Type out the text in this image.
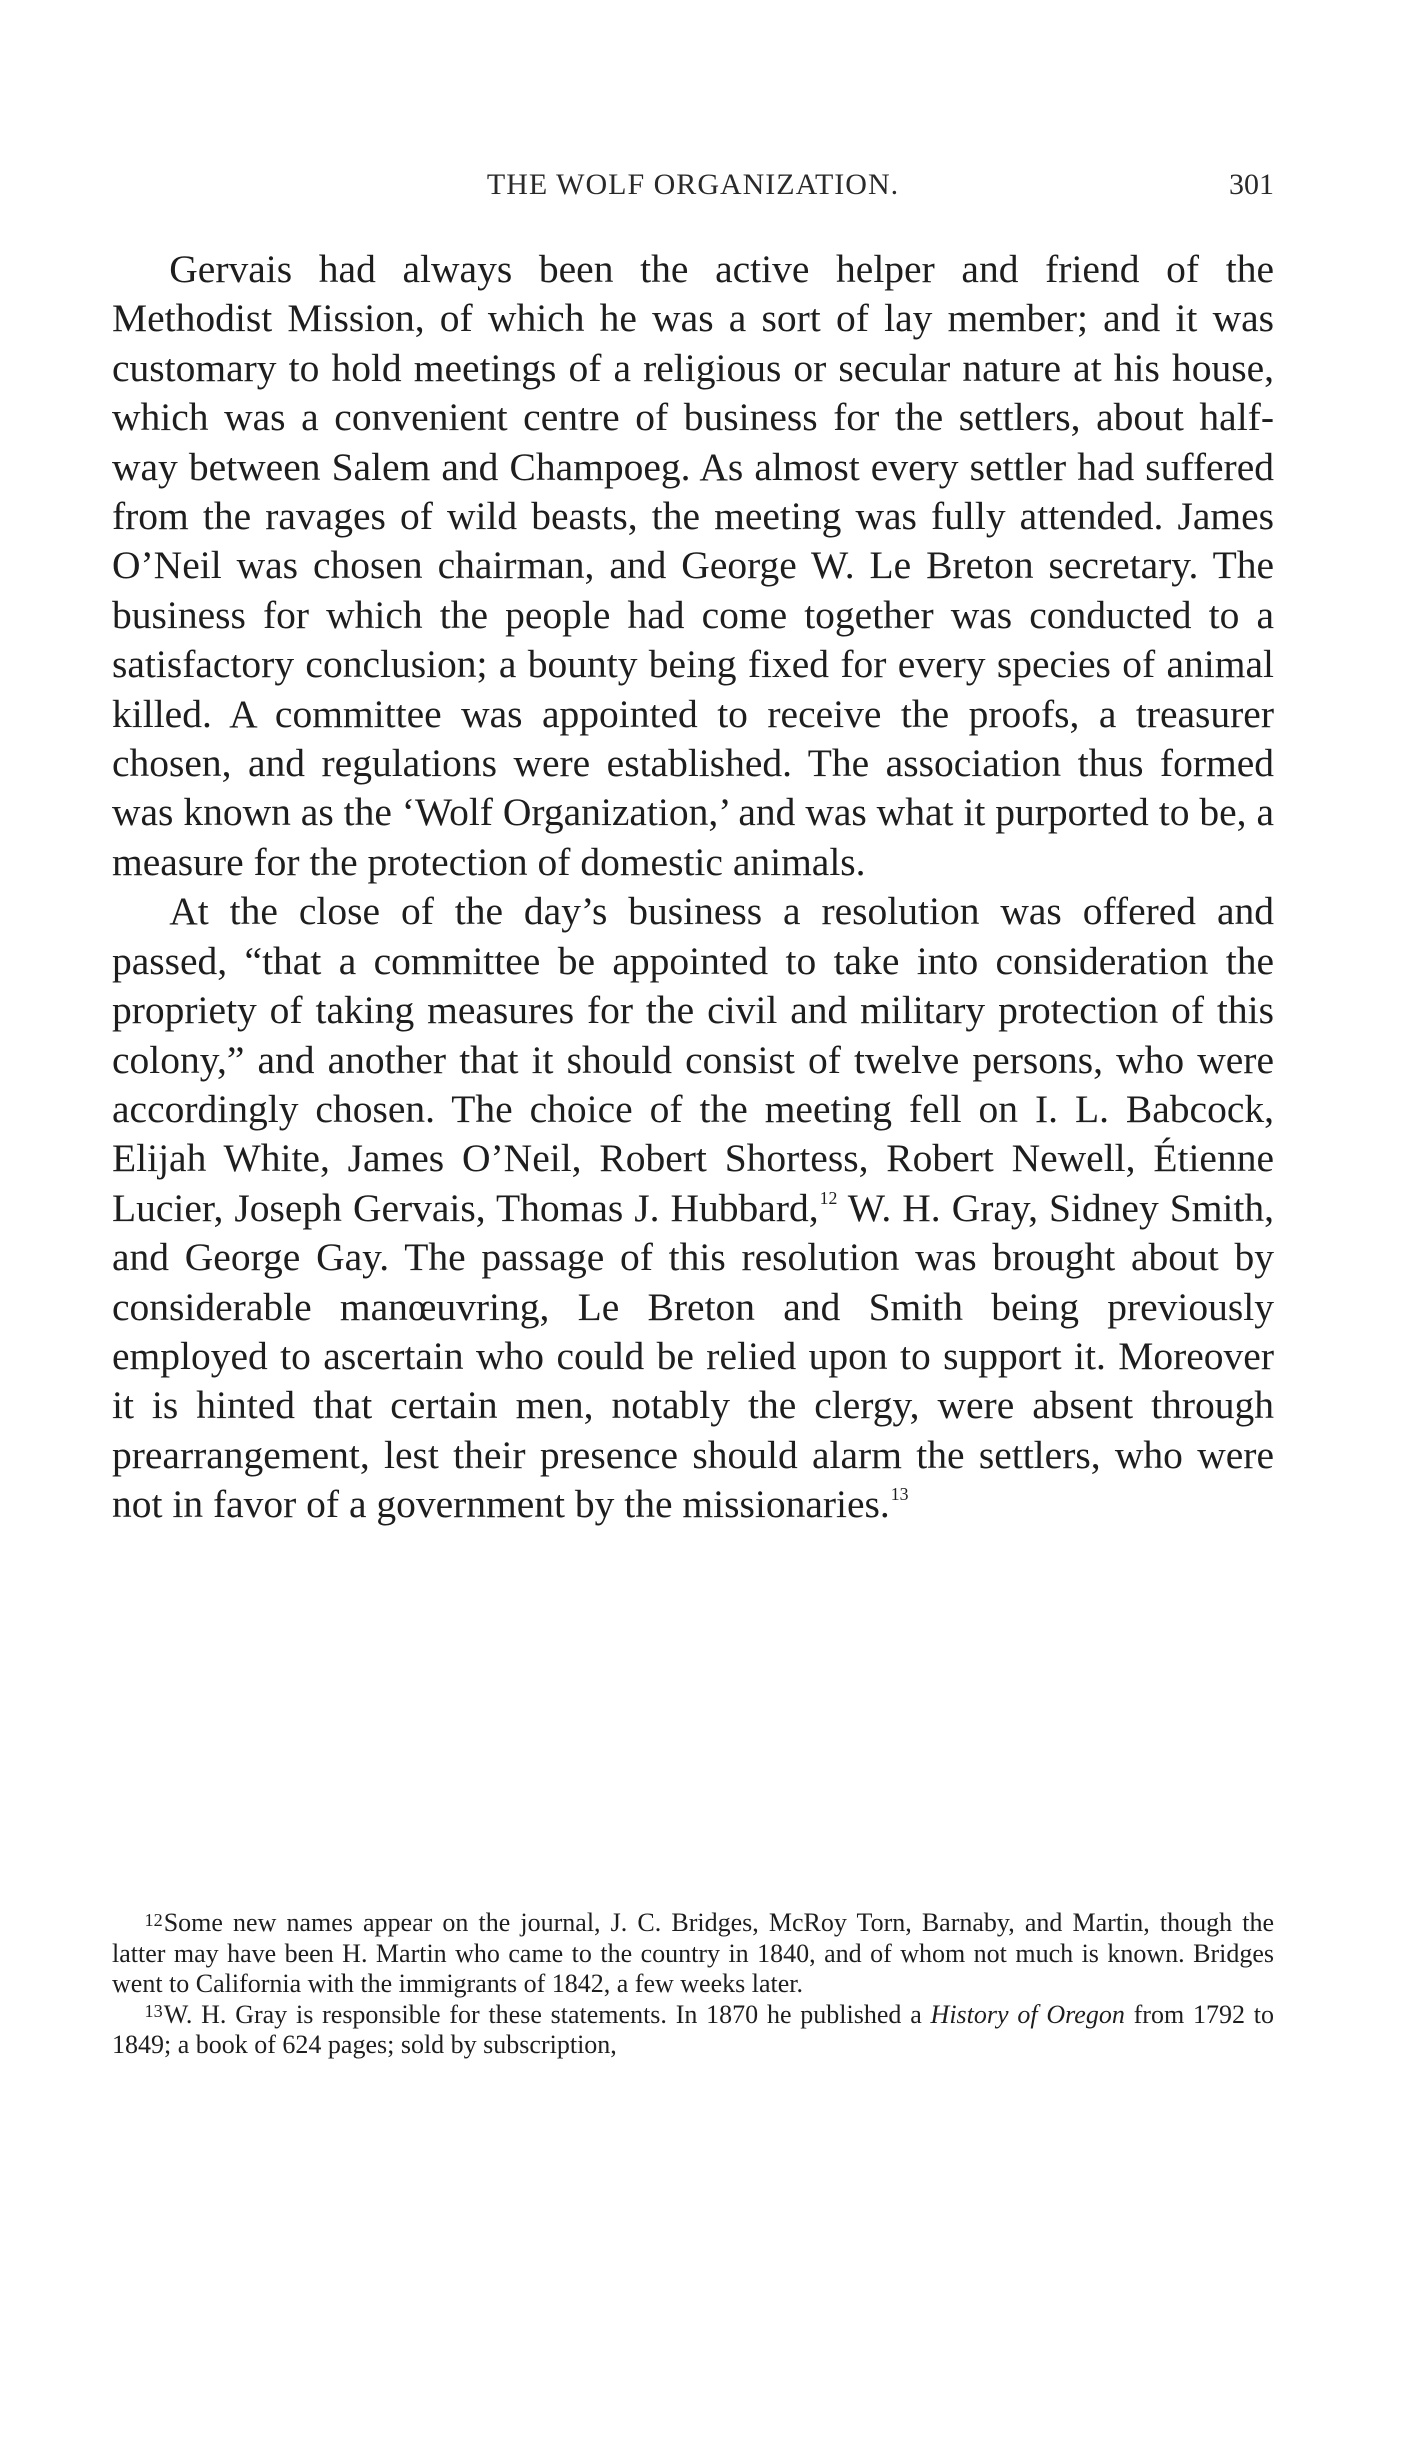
THE WOLF ORGANIZATION.	301

Gervais had always been the active helper and friend of the Methodist Mission, of which he was a sort of lay member; and it was customary to hold meetings of a religious or secular nature at his house, which was a convenient centre of business for the settlers, about half-way between Salem and Champoeg. As almost every settler had suffered from the ravages of wild beasts, the meeting was fully attended. James O’Neil was chosen chairman, and George W. Le Breton secretary. The business for which the people had come together was conducted to a satisfactory conclusion; a bounty being fixed for every species of animal killed. A committee was appointed to receive the proofs, a treasurer chosen, and regulations were established. The association thus formed was known as the ‘Wolf Organization,’ and was what it purported to be, a measure for the protection of domestic animals.

At the close of the day’s business a resolution was offered and passed, “that a committee be appointed to take into consideration the propriety of taking measures for the civil and military protection of this colony,” and another that it should consist of twelve persons, who were accordingly chosen. The choice of the meeting fell on I. L. Babcock, Elijah White, James O’Neil, Robert Shortess, Robert Newell, Étienne Lucier, Joseph Gervais, Thomas J. Hubbard,$^{12}$ W. H. Gray, Sidney Smith, and George Gay. The passage of this resolution was brought about by considerable manœuvring, Le Breton and Smith being previously employed to ascertain who could be relied upon to support it. Moreover it is hinted that certain men, notably the clergy, were absent through prearrangement, lest their presence should alarm the settlers, who were not in favor of a government by the missionaries.$^{13}$

$^{12}$Some new names appear on the journal, J. C. Bridges, McRoy Torn, Barnaby, and Martin, though the latter may have been H. Martin who came to the country in 1840, and of whom not much is known. Bridges went to California with the immigrants of 1842, a few weeks later.

$^{13}$W. H. Gray is responsible for these statements. In 1870 he published a History of Oregon from 1792 to 1849; a book of 624 pages; sold by subscription,
